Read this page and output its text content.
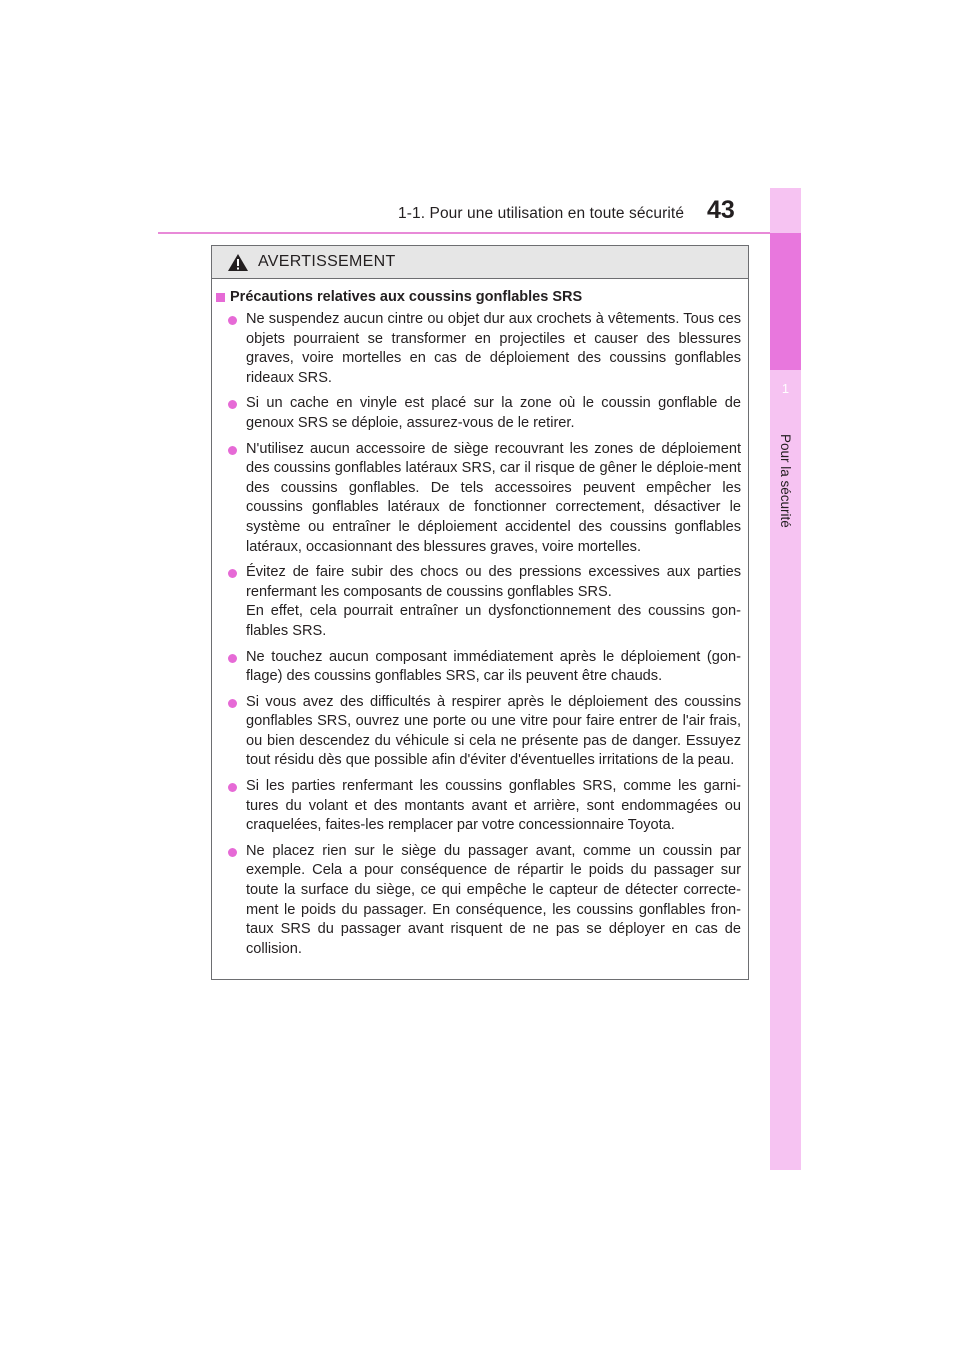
1-1. Pour une utilisation en toute sécurité 43
1
Pour la sécurité
AVERTISSEMENT
Précautions relatives aux coussins gonflables SRS
Ne suspendez aucun cintre ou objet dur aux crochets à vêtements. Tous ces objets pourraient se transformer en projectiles et causer des blessures graves, voire mortelles en cas de déploiement des coussins gonflables rideaux SRS.
Si un cache en vinyle est placé sur la zone où le coussin gonflable de genoux SRS se déploie, assurez-vous de le retirer.
N'utilisez aucun accessoire de siège recouvrant les zones de déploiement des coussins gonflables latéraux SRS, car il risque de gêner le déploie-ment des coussins gonflables. De tels accessoires peuvent empêcher les coussins gonflables latéraux de fonctionner correctement, désactiver le système ou entraîner le déploiement accidentel des coussins gonflables latéraux, occasionnant des blessures graves, voire mortelles.
Évitez de faire subir des chocs ou des pressions excessives aux parties renfermant les composants de coussins gonflables SRS.
En effet, cela pourrait entraîner un dysfonctionnement des coussins gon-flables SRS.
Ne touchez aucun composant immédiatement après le déploiement (gon-flage) des coussins gonflables SRS, car ils peuvent être chauds.
Si vous avez des difficultés à respirer après le déploiement des coussins gonflables SRS, ouvrez une porte ou une vitre pour faire entrer de l'air frais, ou bien descendez du véhicule si cela ne présente pas de danger. Essuyez tout résidu dès que possible afin d'éviter d'éventuelles irritations de la peau.
Si les parties renfermant les coussins gonflables SRS, comme les garni-tures du volant et des montants avant et arrière, sont endommagées ou craquelées, faites-les remplacer par votre concessionnaire Toyota.
Ne placez rien sur le siège du passager avant, comme un coussin par exemple. Cela a pour conséquence de répartir le poids du passager sur toute la surface du siège, ce qui empêche le capteur de détecter correcte-ment le poids du passager. En conséquence, les coussins gonflables fron-taux SRS du passager avant risquent de ne pas se déployer en cas de collision.
